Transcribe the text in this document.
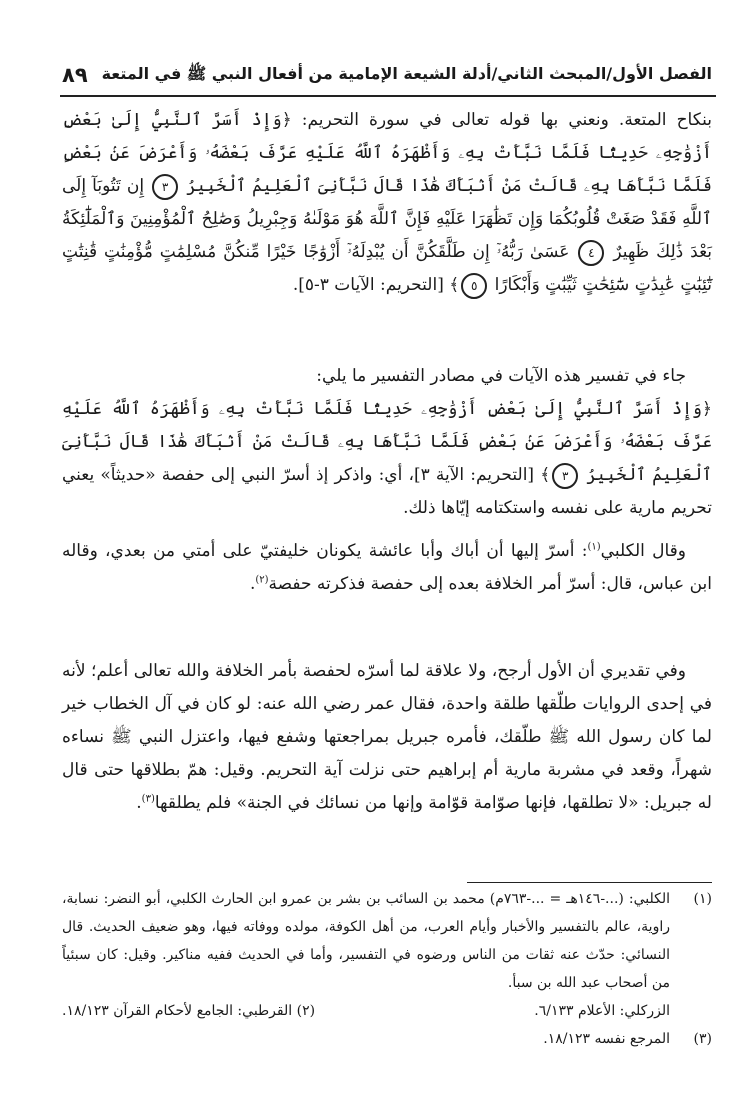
٨٩ الفصل الأول/المبحث الثاني/أدلة الشيعة الإمامية من أفعال النبي ﷺ في المتعة

بنكاح المتعة. ونعني بها قوله تعالى في سورة التحريم: ﴿وَإِذْ أَسَرَّ ٱلنَّبِيُّ إِلَىٰ بَعْضِ أَزْوَٰجِهِۦ حَدِيثًا فَلَمَّا نَبَّأَتْ بِهِۦ وَأَظْهَرَهُ ٱللَّهُ عَلَيْهِ عَرَّفَ بَعْضَهُۥ وَأَعْرَضَ عَنۢ بَعْضٍ فَلَمَّا نَبَّأَهَا بِهِۦ قَالَتْ مَنْ أَنۢبَأَكَ هَٰذَا قَالَ نَبَّأَنِىَ ٱلْعَلِيمُ ٱلْخَبِيرُ ٣ إِن تَتُوبَآ إِلَى ٱللَّهِ فَقَدْ صَغَتْ قُلُوبُكُمَا وَإِن تَظَٰهَرَا عَلَيْهِ فَإِنَّ ٱللَّهَ هُوَ مَوْلَىٰهُ وَجِبْرِيلُ وَصَٰلِحُ ٱلْمُؤْمِنِينَ وَٱلْمَلَٰٓئِكَةُ بَعْدَ ذَٰلِكَ ظَهِيرٌ ٤ عَسَىٰ رَبُّهُۥٓ إِن طَلَّقَكُنَّ أَن يُبْدِلَهُۥٓ أَزْوَٰجًا خَيْرًا مِّنكُنَّ مُسْلِمَٰتٍ مُّؤْمِنَٰتٍ قَٰنِتَٰتٍ تَٰٓئِبَٰتٍ عَٰبِدَٰتٍ سَٰٓئِحَٰتٍ ثَيِّبَٰتٍ وَأَبْكَارًا ٥﴾ [التحريم: الآيات ٣-٥].

جاء في تفسير هذه الآيات في مصادر التفسير ما يلي:

﴿وَإِذْ أَسَرَّ ٱلنَّبِيُّ إِلَىٰ بَعْضِ أَزْوَٰجِهِۦ حَدِيثًا فَلَمَّا نَبَّأَتْ بِهِۦ وَأَظْهَرَهُ ٱللَّهُ عَلَيْهِ عَرَّفَ بَعْضَهُۥ وَأَعْرَضَ عَنۢ بَعْضٍ فَلَمَّا نَبَّأَهَا بِهِۦ قَالَتْ مَنْ أَنۢبَأَكَ هَٰذَا قَالَ نَبَّأَنِىَ ٱلْعَلِيمُ ٱلْخَبِيرُ ٣﴾ [التحريم: الآية ٣]، أي: واذكر إذ أسرّ النبي إلى حفصة «حديثاً» يعني تحريم مارية على نفسه واستكتامه إيّاها ذلك.

وقال الكلبي$^{(١)}$: أسرّ إليها أن أباك وأبا عائشة يكونان خليفتيّ على أمتي من بعدي، وقاله ابن عباس، قال: أسرّ أمر الخلافة بعده إلى حفصة فذكرته حفصة$^{(٢)}$.

وفي تقديري أن الأول أرجح، ولا علاقة لما أسرّه لحفصة بأمر الخلافة والله تعالى أعلم؛ لأنه في إحدى الروايات طلّقها طلقة واحدة، فقال عمر رضي الله عنه: لو كان في آل الخطاب خير لما كان رسول الله ﷺ طلّقك، فأمره جبريل بمراجعتها وشفع فيها، واعتزل النبي ﷺ نساءه شهراً، وقعد في مشربة مارية أم إبراهيم حتى نزلت آية التحريم. وقيل: همّ بطلاقها حتى قال له جبريل: «لا تطلقها، فإنها صوّامة قوّامة وإنها من نسائك في الجنة» فلم يطلقها$^{(٣)}$.

(١)
الكلبي: (...-١٤٦هـ = ...-٧٦٣م) محمد بن السائب بن بشر بن عمرو ابن الحارث الكلبي، أبو النضر: نسابة، راوية، عالم بالتفسير والأخبار وأيام العرب، من أهل الكوفة، مولده ووفاته فيها، وهو ضعيف الحديث. قال النسائي: حدّث عنه ثقات من الناس ورضوه في التفسير، وأما في الحديث ففيه مناكير. وقيل: كان سبئياً من أصحاب عبد الله بن سبأ.
الزركلي: الأعلام ٦/١٣٣.
(٢) القرطبي: الجامع لأحكام القرآن ١٨/١٢٣.
(٣)
المرجع نفسه ١٨/١٢٣.
